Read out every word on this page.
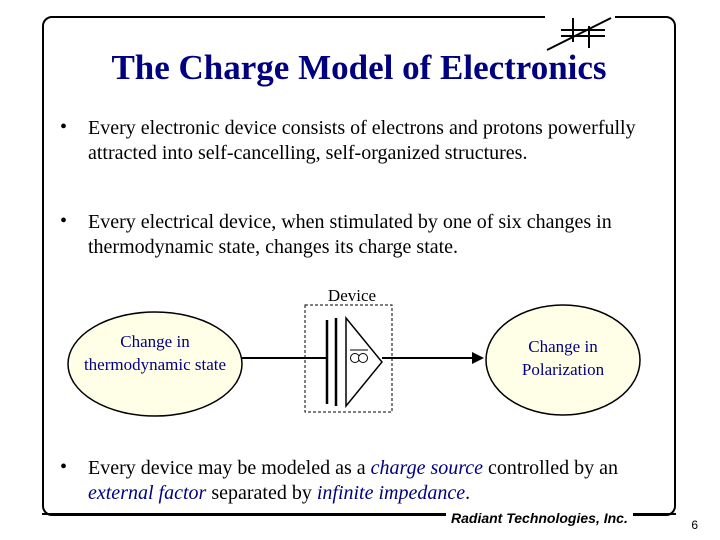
The Charge Model of Electronics
•	Every electronic device consists of electrons and protons powerfully attracted into self-cancelling, self-organized structures.
•	Every electrical device, when stimulated by one of six changes in thermodynamic state, changes its charge state.
Device
Change in thermodynamic state
Change in Polarization
•	Every device may be modeled as a charge source controlled by an external factor separated by infinite impedance.
Radiant Technologies, Inc.	6
